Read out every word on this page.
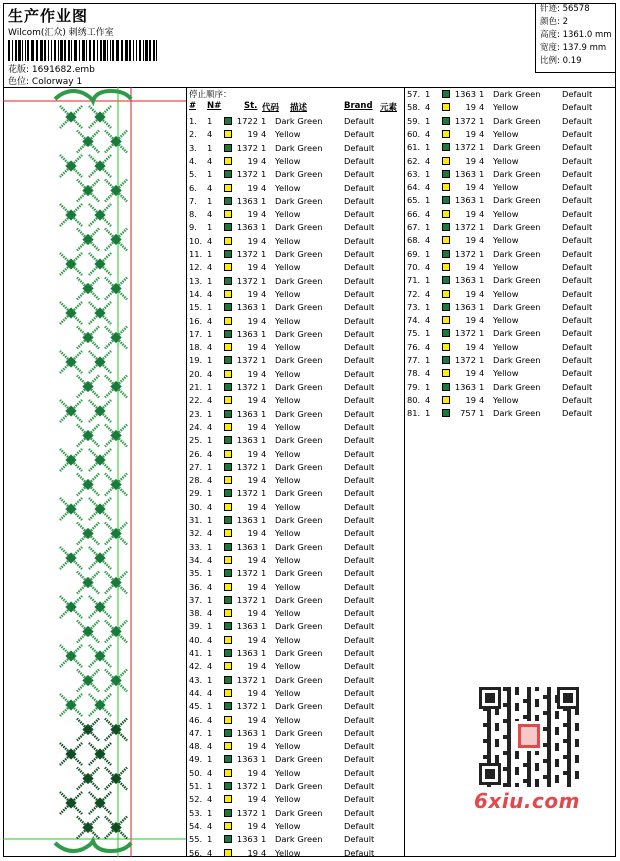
生产作业图
Wilcom(汇众) 刺绣工作室
花版: 1691682.emb
色位: Colorway 1
针迹: 56578
颜色: 2
高度: 1361.0 mm
宽度: 137.9 mm
比例: 0.19
停止顺序：
# N#	St. 代码 描述	Brand 元素
1. 1	1722 1 Dark Green	Default
2. 4	19 4 Yellow	Default
3. 1	1372 1 Dark Green	Default
4. 4	19 4 Yellow	Default
5. 1	1372 1 Dark Green	Default
6. 4	19 4 Yellow	Default
7. 1	1363 1 Dark Green	Default
8. 4	19 4 Yellow	Default
9. 1	1363 1 Dark Green	Default
10. 4	19 4 Yellow	Default
11. 1	1372 1 Dark Green	Default
12. 4	19 4 Yellow	Default
13. 1	1372 1 Dark Green	Default
14. 4	19 4 Yellow	Default
15. 1	1363 1 Dark Green	Default
16. 4	19 4 Yellow	Default
17. 1	1363 1 Dark Green	Default
18. 4	19 4 Yellow	Default
19. 1	1372 1 Dark Green	Default
20. 4	19 4 Yellow	Default
21. 1	1372 1 Dark Green	Default
22. 4	19 4 Yellow	Default
23. 1	1363 1 Dark Green	Default
24. 4	19 4 Yellow	Default
25. 1	1363 1 Dark Green	Default
26. 4	19 4 Yellow	Default
27. 1	1372 1 Dark Green	Default
28. 4	19 4 Yellow	Default
29. 1	1372 1 Dark Green	Default
30. 4	19 4 Yellow	Default
31. 1	1363 1 Dark Green	Default
32. 4	19 4 Yellow	Default
33. 1	1363 1 Dark Green	Default
34. 4	19 4 Yellow	Default
35. 1	1372 1 Dark Green	Default
36. 4	19 4 Yellow	Default
37. 1	1372 1 Dark Green	Default
38. 4	19 4 Yellow	Default
39. 1	1363 1 Dark Green	Default
40. 4	19 4 Yellow	Default
41. 1	1363 1 Dark Green	Default
42. 4	19 4 Yellow	Default
43. 1	1372 1 Dark Green	Default
44. 4	19 4 Yellow	Default
45. 1	1372 1 Dark Green	Default
46. 4	19 4 Yellow	Default
47. 1	1363 1 Dark Green	Default
48. 4	19 4 Yellow	Default
49. 1	1363 1 Dark Green	Default
50. 4	19 4 Yellow	Default
51. 1	1372 1 Dark Green	Default
52. 4	19 4 Yellow	Default
53. 1	1372 1 Dark Green	Default
54. 4	19 4 Yellow	Default
55. 1	1363 1 Dark Green	Default
56. 4	19 4 Yellow	Default
57. 1	1363 1 Dark Green	Default
58. 4	19 4 Yellow	Default
59. 1	1372 1 Dark Green	Default
60. 4	19 4 Yellow	Default
61. 1	1372 1 Dark Green	Default
62. 4	19 4 Yellow	Default
63. 1	1363 1 Dark Green	Default
64. 4	19 4 Yellow	Default
65. 1	1363 1 Dark Green	Default
66. 4	19 4 Yellow	Default
67. 1	1372 1 Dark Green	Default
68. 4	19 4 Yellow	Default
69. 1	1372 1 Dark Green	Default
70. 4	19 4 Yellow	Default
71. 1	1363 1 Dark Green	Default
72. 4	19 4 Yellow	Default
73. 1	1363 1 Dark Green	Default
74. 4	19 4 Yellow	Default
75. 1	1372 1 Dark Green	Default
76. 4	19 4 Yellow	Default
77. 1	1372 1 Dark Green	Default
78. 4	19 4 Yellow	Default
79. 1	1363 1 Dark Green	Default
80. 4	19 4 Yellow	Default
81. 1	757 1 Dark Green	Default
6xiu.com
